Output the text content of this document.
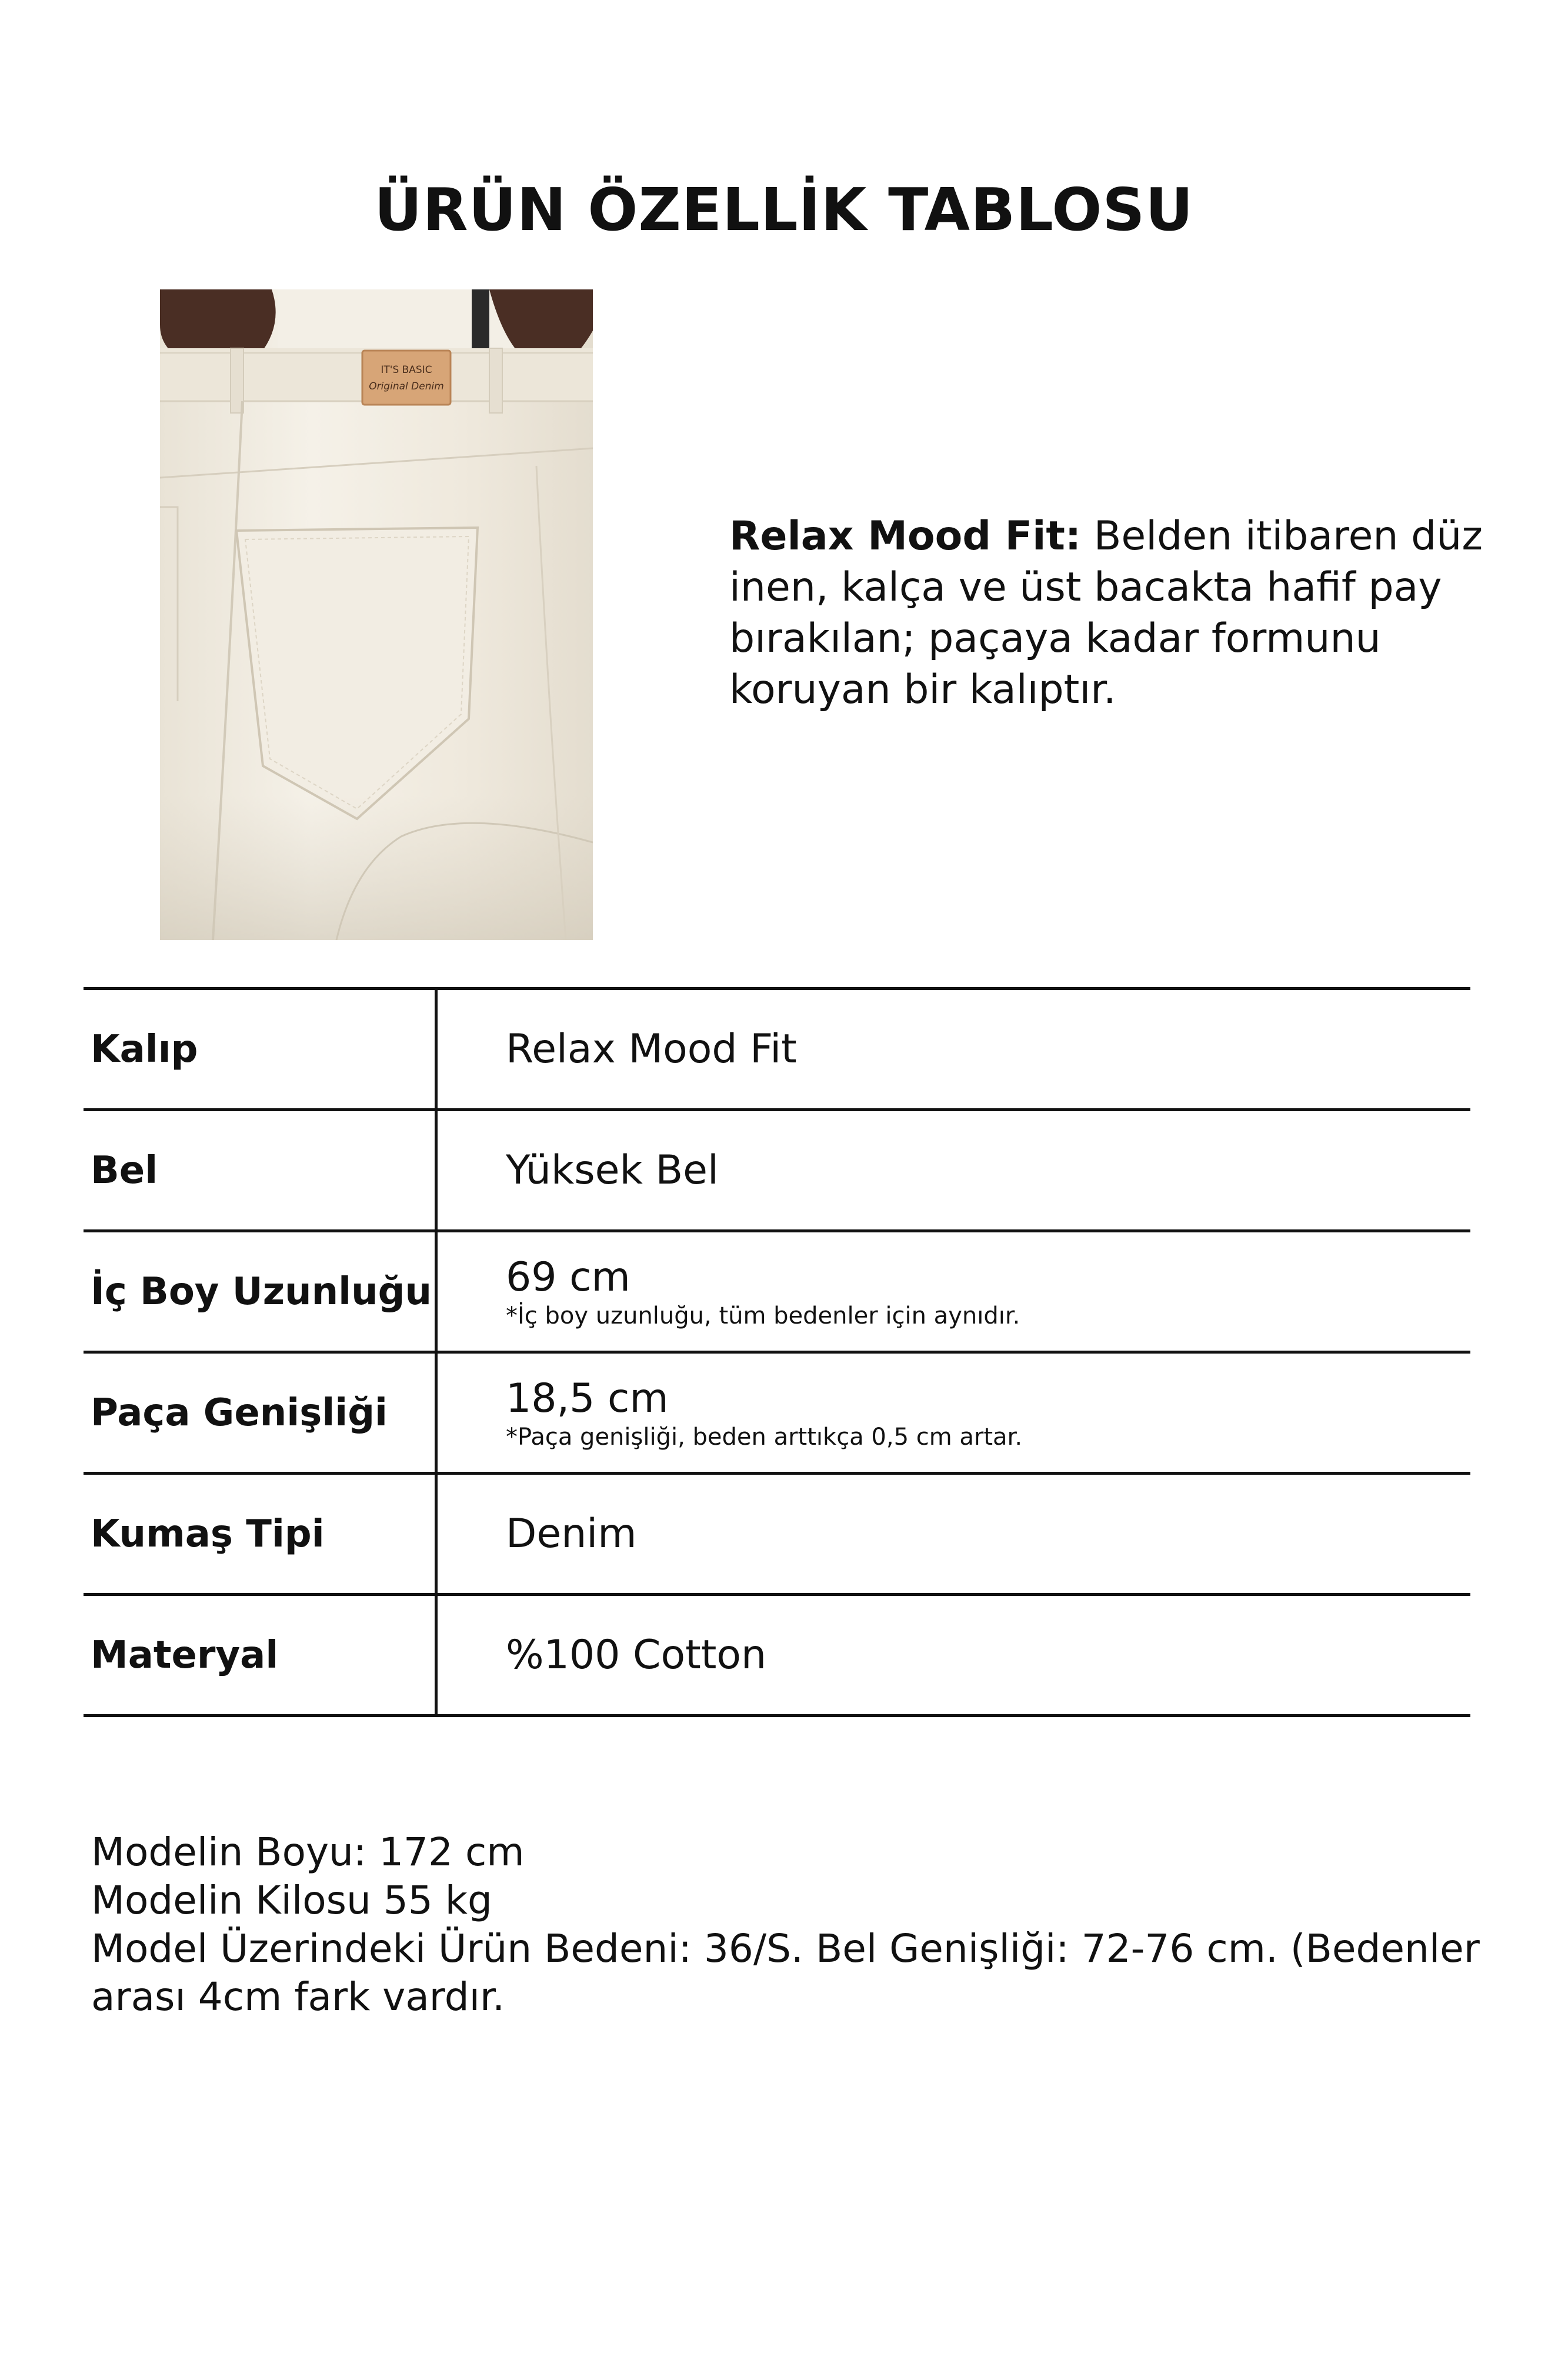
ÜRÜN ÖZELLİK TABLOSU
IT'S BASIC
Original Denim

Relax Mood Fit: Belden itibaren düz inen, kalça ve üst bacakta hafif pay bırakılan; paçaya kadar formunu koruyan bir kalıptır.

Kalıp	Relax Mood Fit
Bel	Yüksek Bel
İç Boy Uzunluğu 69 cm
*İç boy uzunluğu, tüm bedenler için aynıdır.
Paça Genişliği	18,5 cm
*Paça genişliği, beden arttıkça 0,5 cm artar.
Kumaş Tipi	Denim
Materyal	%100 Cotton
Modelin Boyu: 172 cm
Modelin Kilosu 55 kg
Model Üzerindeki Ürün Bedeni: 36/S. Bel Genişliği: 72-76 cm. (Bedenler arası 4cm fark vardır.
